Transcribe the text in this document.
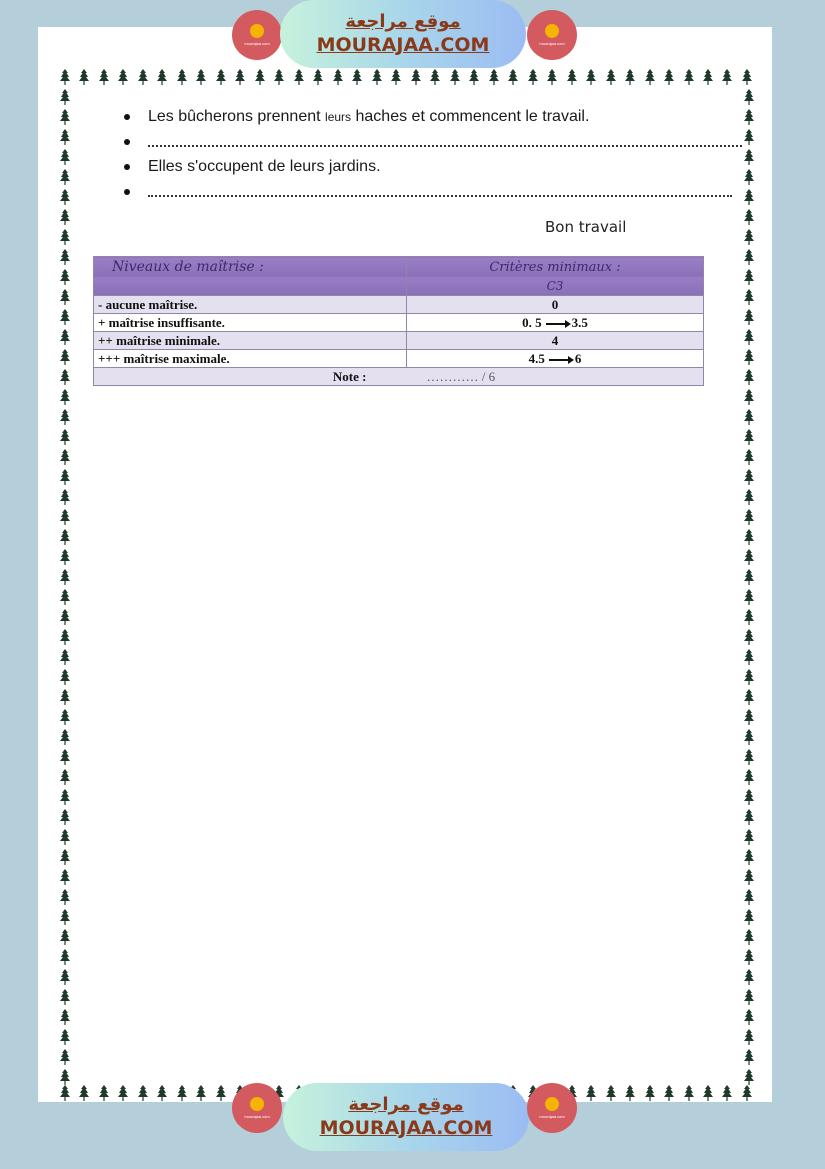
Les bûcherons prennent
leurs
haches et commencent le travail.
Elles s'occupent de leurs jardins.
Bon travail
Niveaux de maîtrise :	Critères minimaux :
	C3
- aucune maîtrise.	0
+ maîtrise insuffisante.	0. 5 3.5
++ maîtrise minimale.	4
+++ maîtrise maximale.	4.5 6
Note :	………… / 6
mourajaa.com
موقع مراجعة
MOURAJAA.COM	mourajaa.com
mourajaa.com
موقع مراجعة
MOURAJAA.COM
mourajaa.com
